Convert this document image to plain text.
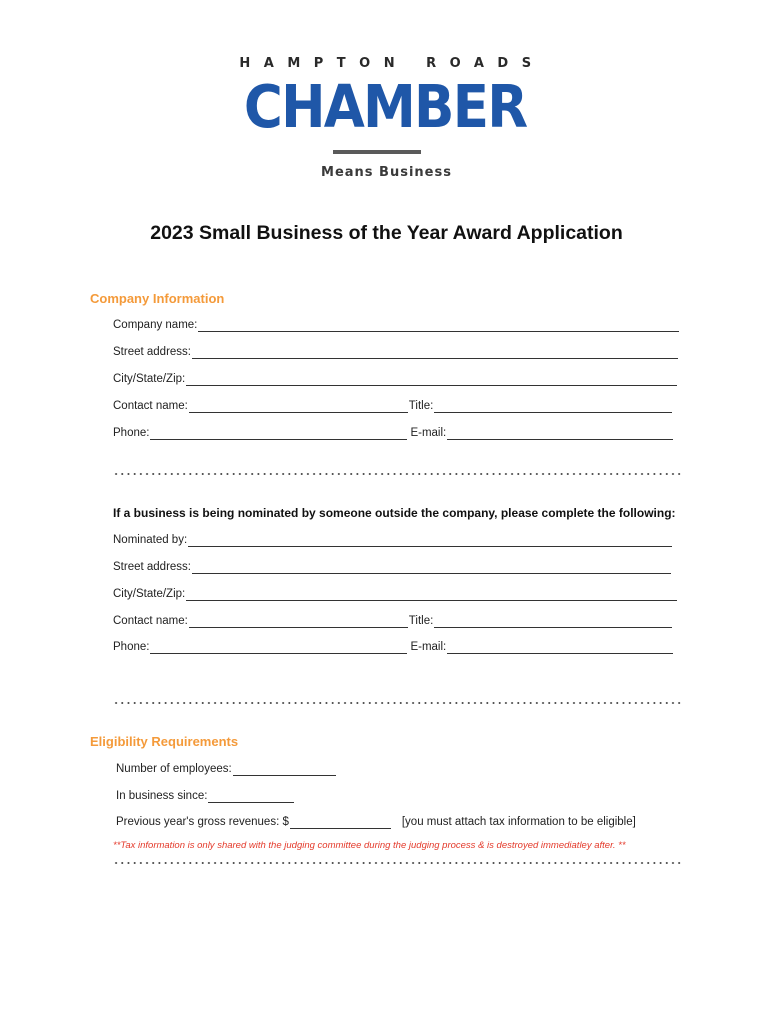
HAMPTON ROADS
CHAMBER
Means Business
2023 Small Business of the Year Award Application
Company Information
Company name:
Street address:
City/State/Zip:
Contact name:	Title:
Phone:	E-mail:
If a business is being nominated by someone outside the company, please complete the following:
Nominated by:
Street address:
City/State/Zip:
Contact name:	Title:
Phone:	E-mail:
Eligibility Requirements
Number of employees:
In business since:
Previous year's gross revenues: $	[you must attach tax information to be eligible]
**Tax information is only shared with the judging committee during the judging process & is destroyed immediatley after. **
